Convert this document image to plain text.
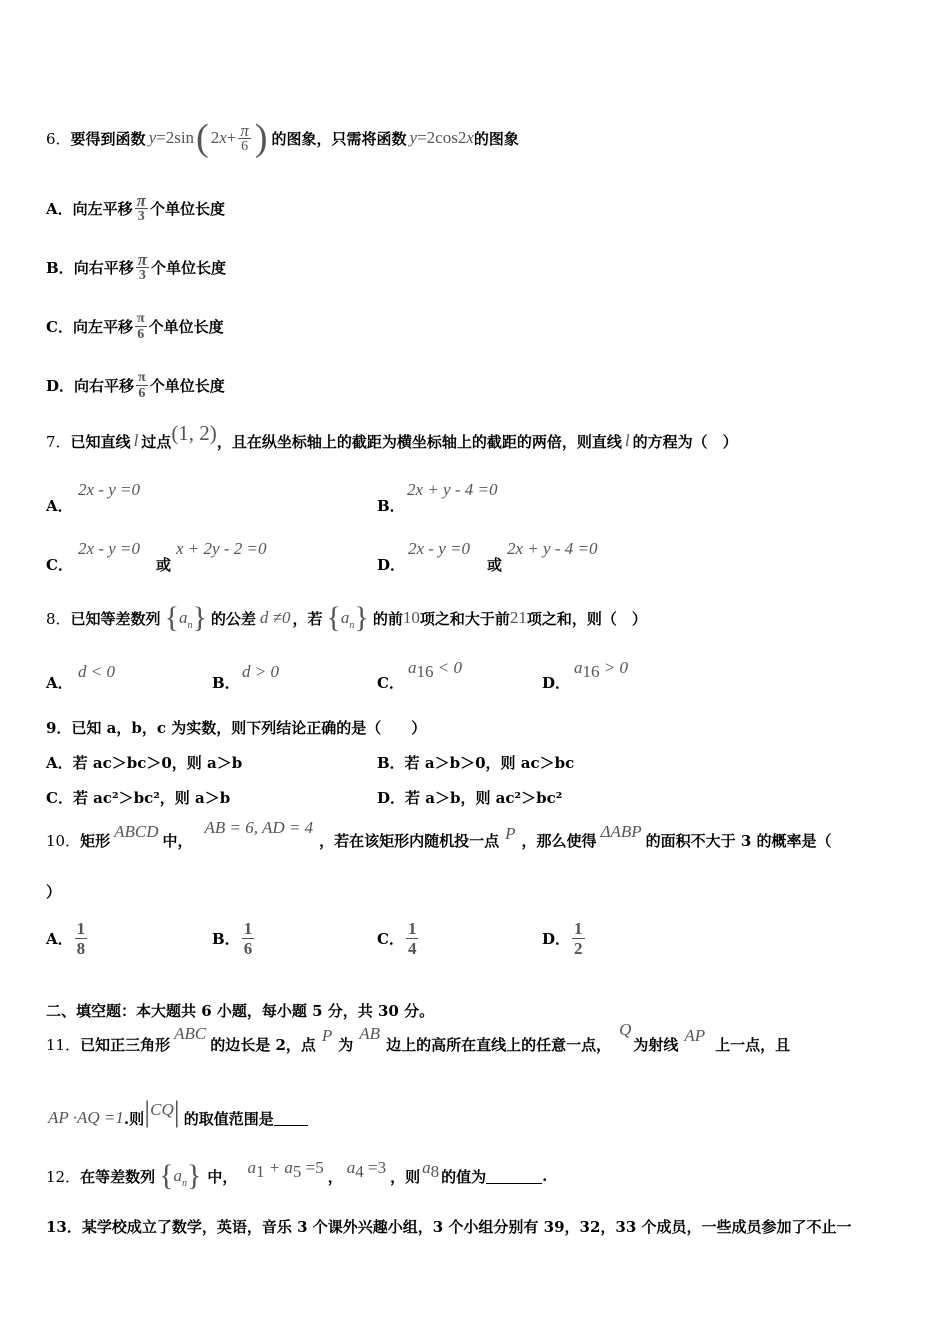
6． 要得到函数 y =2sin ( 2 $x + \frac{\pi}{6}$ ) 的图象，只需将函数 y =2cos2 x 的图象
A． 向左平移 $\frac{\pi}{3}$ 个单位长度
B． 向右平移 $\frac{\pi}{3}$ 个单位长度
C． 向左平移 $\frac{\pi}{6}$ 个单位长度
D． 向右平移 $\frac{\pi}{6}$ 个单位长度
7． 已知直线 l 过点 (1, 2) ，且在纵坐标轴上的截距为横坐标轴上的截距的两倍，则直线 l 的方程为（　）
A．
2x - y =0
B．
2x + y - 4 =0
C．
2x - y =0
或
x + 2y - 2 =0
D．
2x - y =0
或
2x + y - 4 =0
8． 已知等差数列 { $a_n$ } 的公差 d ≠0 ，若 { $a_n$ } 的前 10 项之和大于前 21 项之和，则（　）
A．
d < 0
B．
d > 0
C．
$a_{16} < 0$
D．
$a_{16} > 0$
9．已知 a，b，c 为实数，则下列结论正确的是（　　）
A．若 ac＞bc＞0，则 a＞b	B．若 a＞b＞0，则 ac＞bc
C．若 ac²＞bc²，则 a＞b	D．若 a＞b，则 ac²＞bc²
10． 矩形 ABCD 中，
AB = 6, AD = 4
，若在该矩形内随机投一点 P ，那么使得 ΔABP 的面积不大于 3 的概率是（
）
A． $\frac{1}{8}$	B． $\frac{1}{6}$	C． $\frac{1}{4}$	D． $\frac{1}{2}$
二、填空题：本大题共 6 小题，每小题 5 分，共 30 分。
11． 已知正三角形
ABC
的边长是 2，点 P 为
AB
边上的高所在直线上的任意一点，
Q
为射线 AP 上一点，且
AP ·AQ =1 .则 | CQ | 的取值范围是
12． 在等差数列 { $a_n$ } 中， $a_1 + a_5 =5$ ， $a_4 =3$ ，则 $a_8$ 的值为	.
13．某学校成立了数学，英语，音乐 3 个课外兴趣小组，3 个小组分别有 39，32，33 个成员，一些成员参加了不止一
